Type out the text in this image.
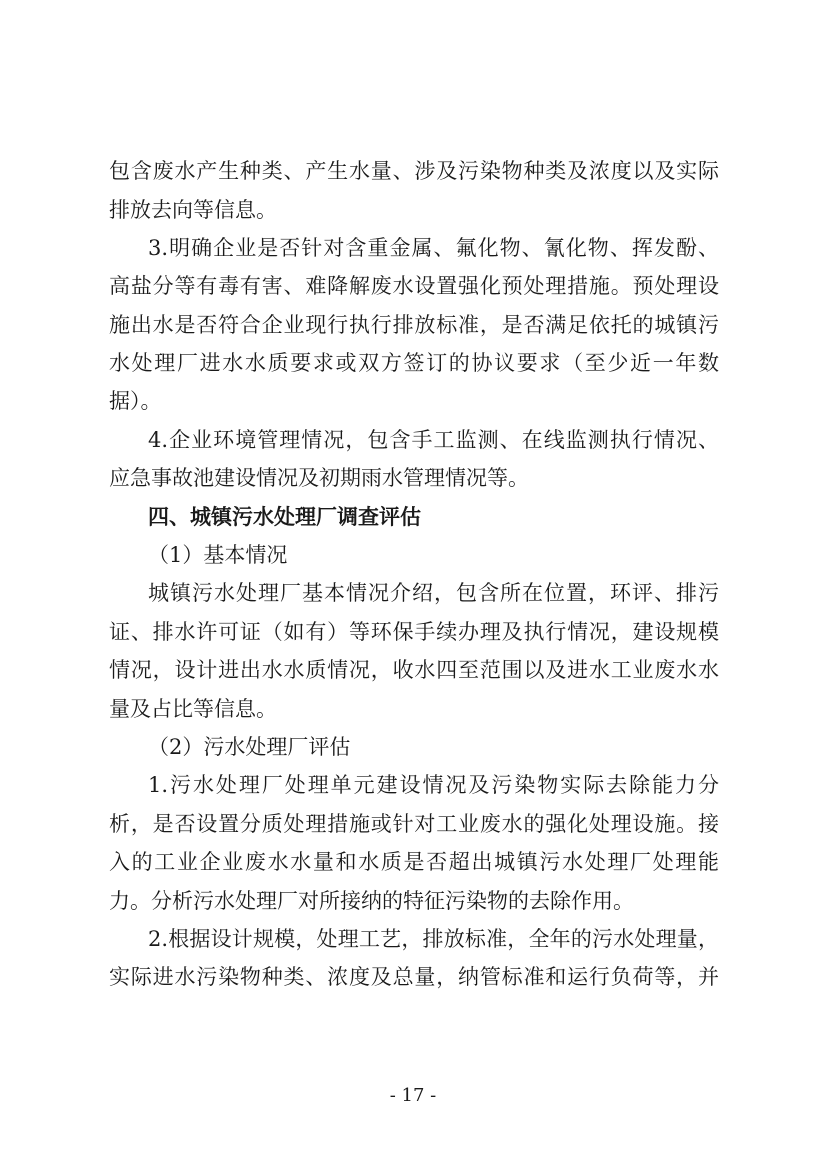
包含废水产生种类、产生水量、涉及污染物种类及浓度以及实际
排放去向等信息。
3.明确企业是否针对含重金属、氟化物、氰化物、挥发酚、
高盐分等有毒有害、难降解废水设置强化预处理措施。预处理设
施出水是否符合企业现行执行排放标准，是否满足依托的城镇污
水处理厂进水水质要求或双方签订的协议要求（至少近一年数
据）。
4.企业环境管理情况，包含手工监测、在线监测执行情况、
应急事故池建设情况及初期雨水管理情况等。
四、城镇污水处理厂调查评估
（1）基本情况
城镇污水处理厂基本情况介绍，包含所在位置，环评、排污
证、排水许可证（如有）等环保手续办理及执行情况，建设规模
情况，设计进出水水质情况，收水四至范围以及进水工业废水水
量及占比等信息。
（2）污水处理厂评估
1.污水处理厂处理单元建设情况及污染物实际去除能力分
析，是否设置分质处理措施或针对工业废水的强化处理设施。接
入的工业企业废水水量和水质是否超出城镇污水处理厂处理能
力。分析污水处理厂对所接纳的特征污染物的去除作用。
2.根据设计规模，处理工艺，排放标准，全年的污水处理量，
实际进水污染物种类、浓度及总量，纳管标准和运行负荷等，并
- 17 -
